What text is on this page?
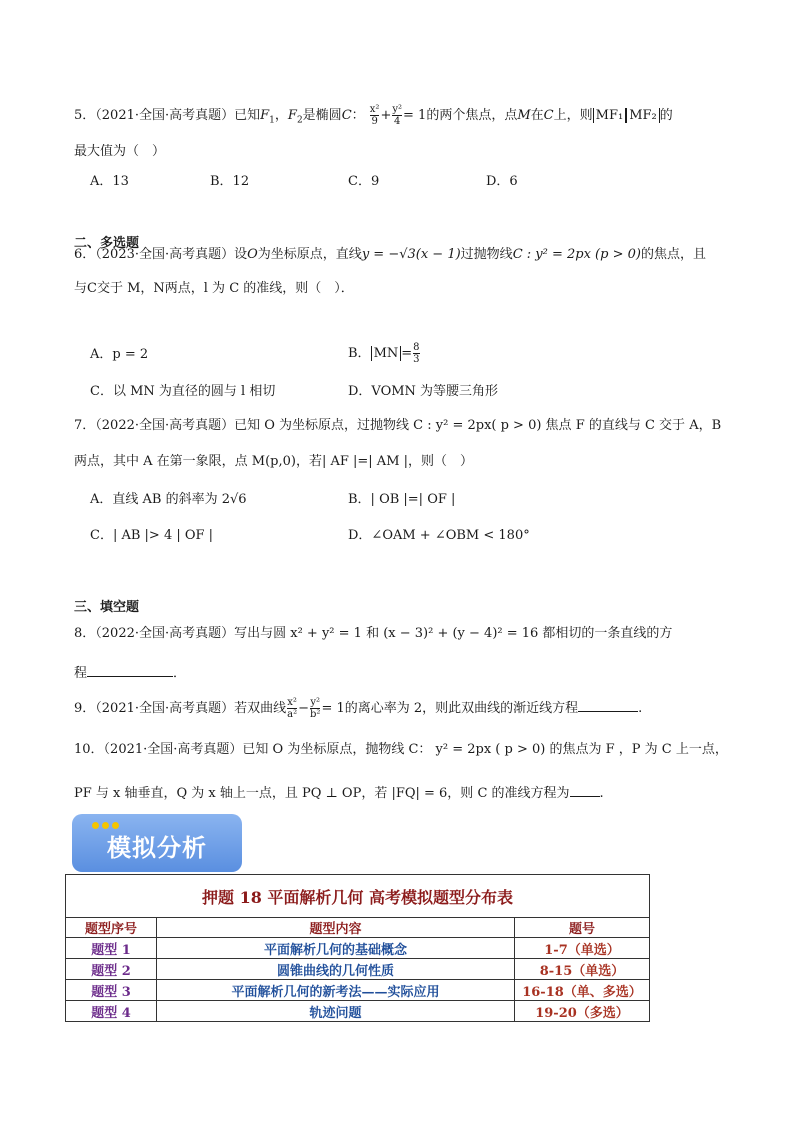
5．（2021·全国·高考真题）已知$F_1$，$F_2$是椭圆C： $\frac{\text{x²}}{9} + \frac{\text{y²}}{4} = 1$的两个焦点，点M在C上，则 MF₁ MF₂ 的
最大值为（　）
A．13	B．12	C．9	D．6
二、多选题
6．（2023·全国·高考真题）设O为坐标原点，直线y = −√3(x − 1)过抛物线C : y² = 2px (p > 0)的焦点，且
与C交于 M，N两点，l 为 C 的准线，则（　）．
A．p = 2	B． MN = $\frac{8}{3}$
C．以 MN 为直径的圆与 l 相切	D．VOMN 为等腰三角形
7．（2022·全国·高考真题）已知 O 为坐标原点，过抛物线 C : y² = 2px( p > 0) 焦点 F 的直线与 C 交于 A，B
两点，其中 A 在第一象限，点 M(p,0)，若| AF |=| AM |，则（　）
A．直线 AB 的斜率为 2√6	B．| OB |=| OF |
C．| AB |> 4 | OF |	D．∠OAM + ∠OBM < 180°
三、填空题
8．（2022·全国·高考真题）写出与圆 x² + y² = 1 和 (x − 3)² + (y − 4)² = 16 都相切的一条直线的方
程	．
9．（2021·全国·高考真题）若双曲线 $\frac{\text{x²}}{\text{a²}} - \frac{\text{y²}}{\text{b²}} = 1$的离心率为 2，则此双曲线的渐近线方程	.
10．（2021·全国·高考真题）已知 O 为坐标原点，抛物线 C： y² = 2px ( p > 0) 的焦点为 F ，P 为 C 上一点，
PF 与 x 轴垂直，Q 为 x 轴上一点，且 PQ ⊥ OP，若 |FQ| = 6，则 C 的准线方程为 .
模拟分析
押题 18 平面解析几何 高考模拟题型分布表		
题型序号	题型内容	题号
题型 1	平面解析几何的基础概念	1-7（单选）
题型 2	圆锥曲线的几何性质	8-15（单选）
题型 3	平面解析几何的新考法——实际应用	16-18（单、多选）
题型 4	轨迹问题	19-20（多选）
